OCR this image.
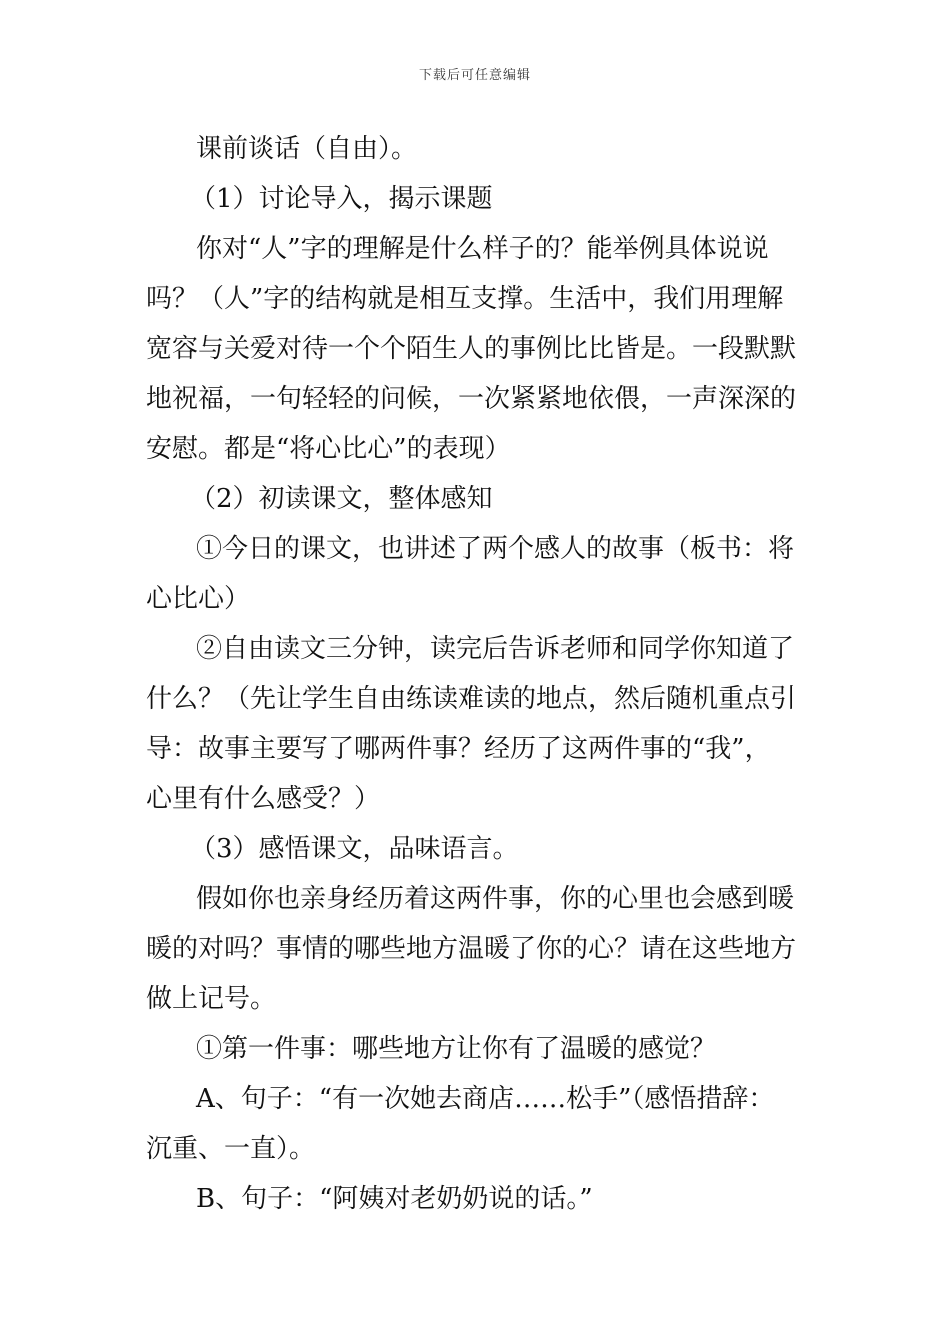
下载后可任意编辑
课前谈话（自由）。
（1）讨论导入，揭示课题
你对“人”字的理解是什么样子的？能举例具体说说
吗？（人”字的结构就是相互支撑。生活中，我们用理解
宽容与关爱对待一个个陌生人的事例比比皆是。一段默默
地祝福，一句轻轻的问候，一次紧紧地依偎，一声深深的
安慰。都是“将心比心”的表现）
（2）初读课文，整体感知
①今日的课文，也讲述了两个感人的故事（板书：将
心比心）
②自由读文三分钟，读完后告诉老师和同学你知道了
什么？（先让学生自由练读难读的地点，然后随机重点引
导：故事主要写了哪两件事？经历了这两件事的“我”，
心里有什么感受？）
（3）感悟课文，品味语言。
假如你也亲身经历着这两件事，你的心里也会感到暖
暖的对吗？事情的哪些地方温暖了你的心？请在这些地方
做上记号。
①第一件事：哪些地方让你有了温暖的感觉？
A、句子：“有一次她去商店……松手”（感悟措辞：
沉重、一直）。
B、句子：“阿姨对老奶奶说的话。”
